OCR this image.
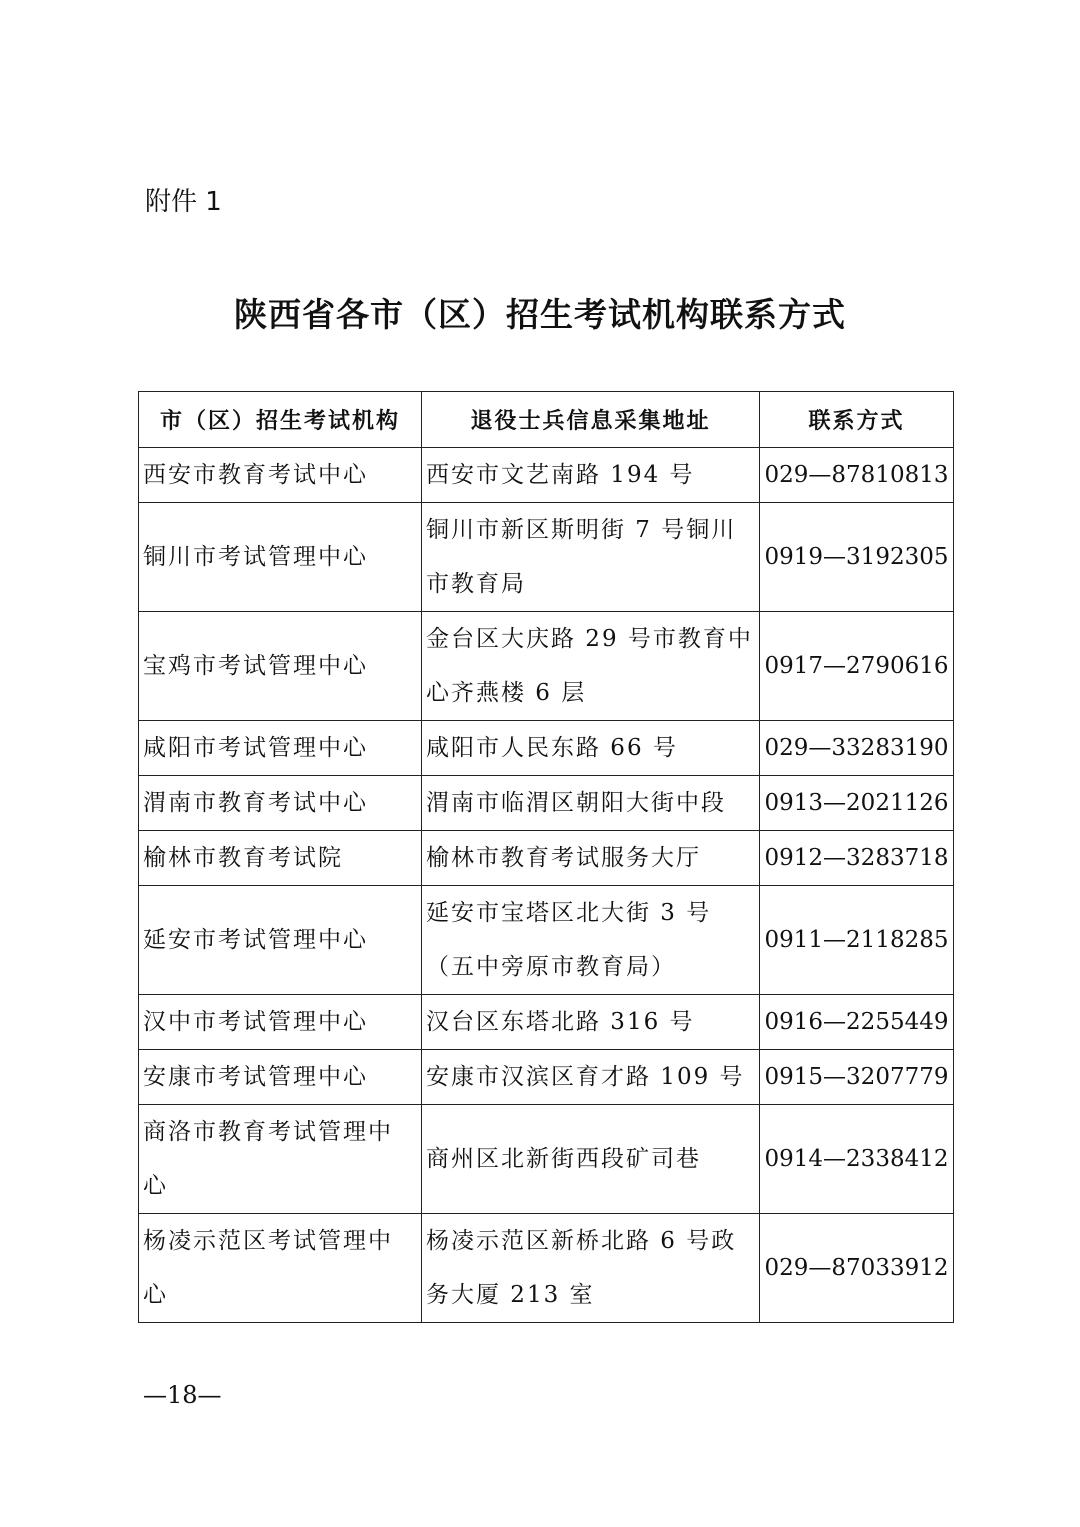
附件 1
陕西省各市（区）招生考试机构联系方式
市（区）招生考试机构	退役士兵信息采集地址	联系方式
西安市教育考试中心	西安市文艺南路 194 号	029—87810813
铜川市考试管理中心	铜川市新区斯明街 7 号铜川市教育局	0919—3192305
宝鸡市考试管理中心	金台区大庆路 29 号市教育中心齐燕楼 6 层	0917—2790616
咸阳市考试管理中心	咸阳市人民东路 66 号	029—33283190
渭南市教育考试中心	渭南市临渭区朝阳大街中段	0913—2021126
榆林市教育考试院	榆林市教育考试服务大厅	0912—3283718
延安市考试管理中心	延安市宝塔区北大街 3 号（五中旁原市教育局）	0911—2118285
汉中市考试管理中心	汉台区东塔北路 316 号	0916—2255449
安康市考试管理中心	安康市汉滨区育才路 109 号	0915—3207779
商洛市教育考试管理中心	商州区北新街西段矿司巷	0914—2338412
杨凌示范区考试管理中心	杨凌示范区新桥北路 6 号政务大厦 213 室	029—87033912
—18—
